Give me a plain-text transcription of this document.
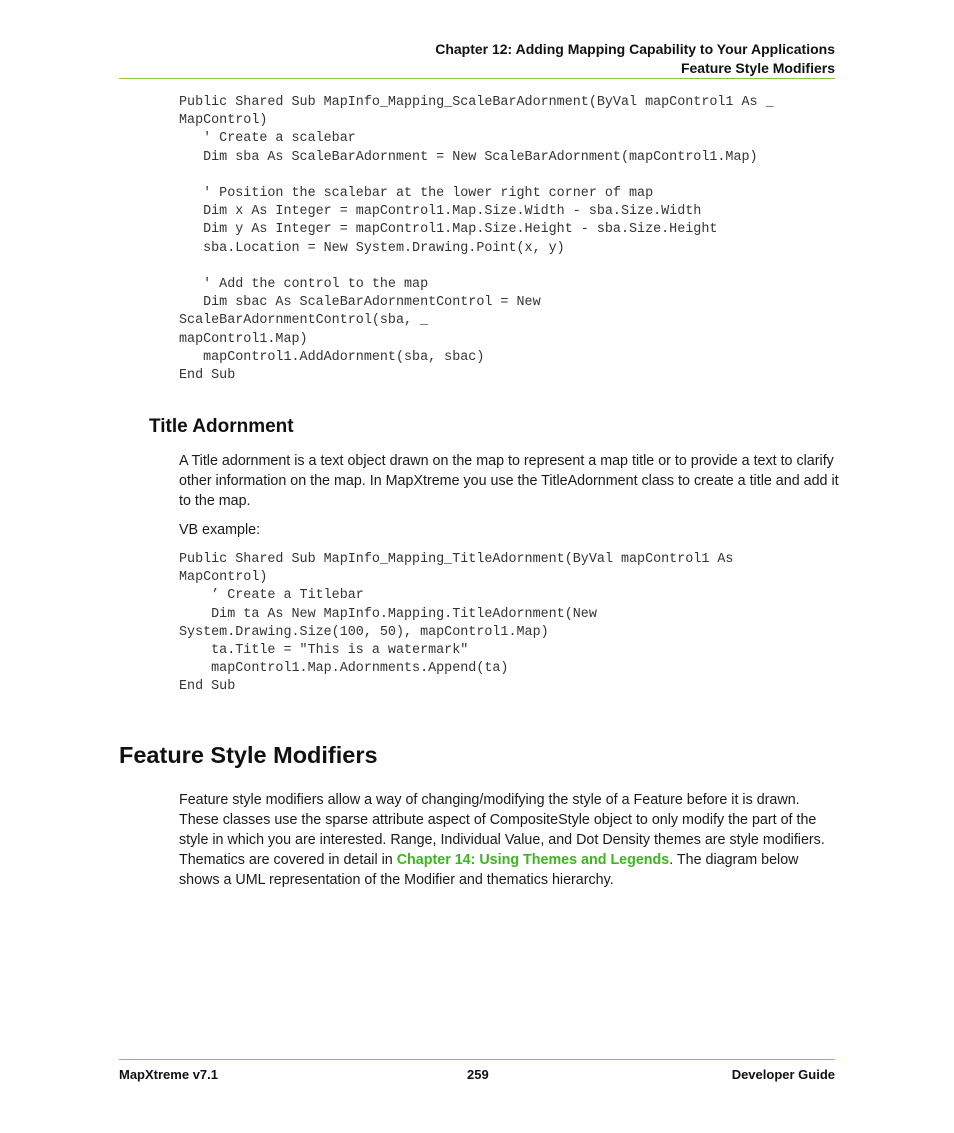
Chapter 12: Adding Mapping Capability to Your Applications
Feature Style Modifiers
Public Shared Sub MapInfo_Mapping_ScaleBarAdornment(ByVal mapControl1 As _
MapControl)
' Create a scalebar
Dim sba As ScaleBarAdornment = New ScaleBarAdornment(mapControl1.Map)

' Position the scalebar at the lower right corner of map
Dim x As Integer = mapControl1.Map.Size.Width - sba.Size.Width
Dim y As Integer = mapControl1.Map.Size.Height - sba.Size.Height
sba.Location = New System.Drawing.Point(x, y)

' Add the control to the map
Dim sbac As ScaleBarAdornmentControl = New
ScaleBarAdornmentControl(sba, _
mapControl1.Map)
mapControl1.AddAdornment(sba, sbac)
End Sub
Title Adornment
A Title adornment is a text object drawn on the map to represent a map title or to provide a text to clarify other information on the map. In MapXtreme you use the TitleAdornment class to create a title and add it to the map.
VB example:
Public Shared Sub MapInfo_Mapping_TitleAdornment(ByVal mapControl1 As
MapControl)
’ Create a Titlebar
Dim ta As New MapInfo.Mapping.TitleAdornment(New
System.Drawing.Size(100, 50), mapControl1.Map)
ta.Title = "This is a watermark"
mapControl1.Map.Adornments.Append(ta)
End Sub
Feature Style Modifiers
Feature style modifiers allow a way of changing/modifying the style of a Feature before it is drawn. These classes use the sparse attribute aspect of CompositeStyle object to only modify the part of the style in which you are interested. Range, Individual Value, and Dot Density themes are style modifiers. Thematics are covered in detail in Chapter 14: Using Themes and Legends. The diagram below shows a UML representation of the Modifier and thematics hierarchy.
MapXtreme v7.1	259	Developer Guide
